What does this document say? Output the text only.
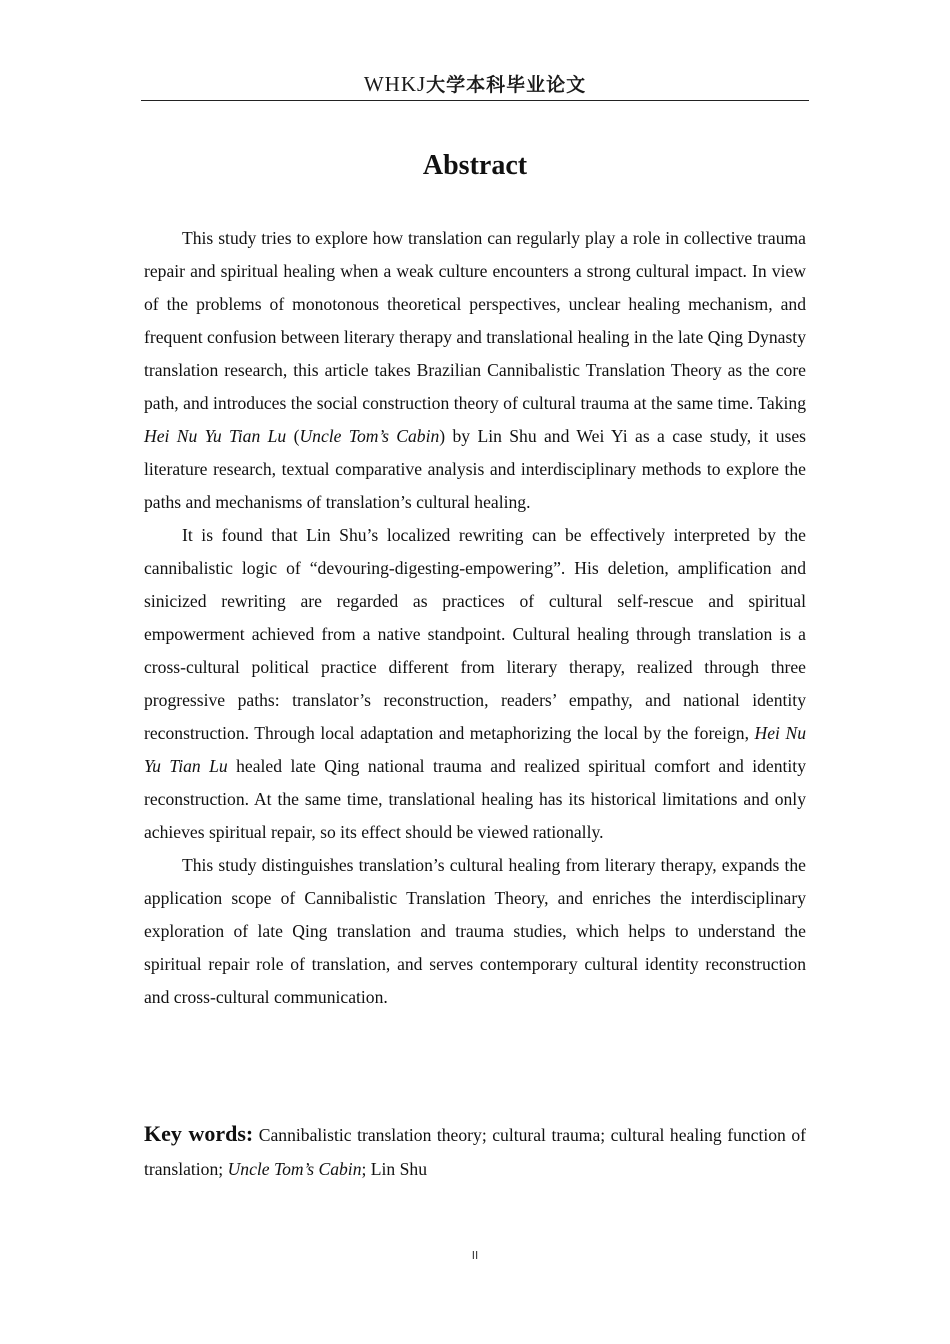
WHKJ大学本科毕业论文
Abstract

This study tries to explore how translation can regularly play a role in collective trauma repair and spiritual healing when a weak culture encounters a strong cultural impact. In view of the problems of monotonous theoretical perspectives, unclear healing mechanism, and frequent confusion between literary therapy and translational healing in the late Qing Dynasty translation research, this article takes Brazilian Cannibalistic Translation Theory as the core path, and introduces the social construction theory of cultural trauma at the same time. Taking Hei Nu Yu Tian Lu (Uncle Tom’s Cabin) by Lin Shu and Wei Yi as a case study, it uses literature research, textual comparative analysis and interdisciplinary methods to explore the paths and mechanisms of translation’s cultural healing.

It is found that Lin Shu’s localized rewriting can be effectively interpreted by the cannibalistic logic of “devouring-digesting-empowering”. His deletion, amplification and sinicized rewriting are regarded as practices of cultural self-rescue and spiritual empowerment achieved from a native standpoint. Cultural healing through translation is a cross-cultural political practice different from literary therapy, realized through three progressive paths: translator’s reconstruction, readers’ empathy, and national identity reconstruction. Through local adaptation and metaphorizing the local by the foreign, Hei Nu Yu Tian Lu healed late Qing national trauma and realized spiritual comfort and identity reconstruction. At the same time, translational healing has its historical limitations and only achieves spiritual repair, so its effect should be viewed rationally.

This study distinguishes translation’s cultural healing from literary therapy, expands the application scope of Cannibalistic Translation Theory, and enriches the interdisciplinary exploration of late Qing translation and trauma studies, which helps to understand the spiritual repair role of translation, and serves contemporary cultural identity reconstruction and cross-cultural communication.

Key words: Cannibalistic translation theory; cultural trauma; cultural healing function of translation; Uncle Tom’s Cabin; Lin Shu

II
